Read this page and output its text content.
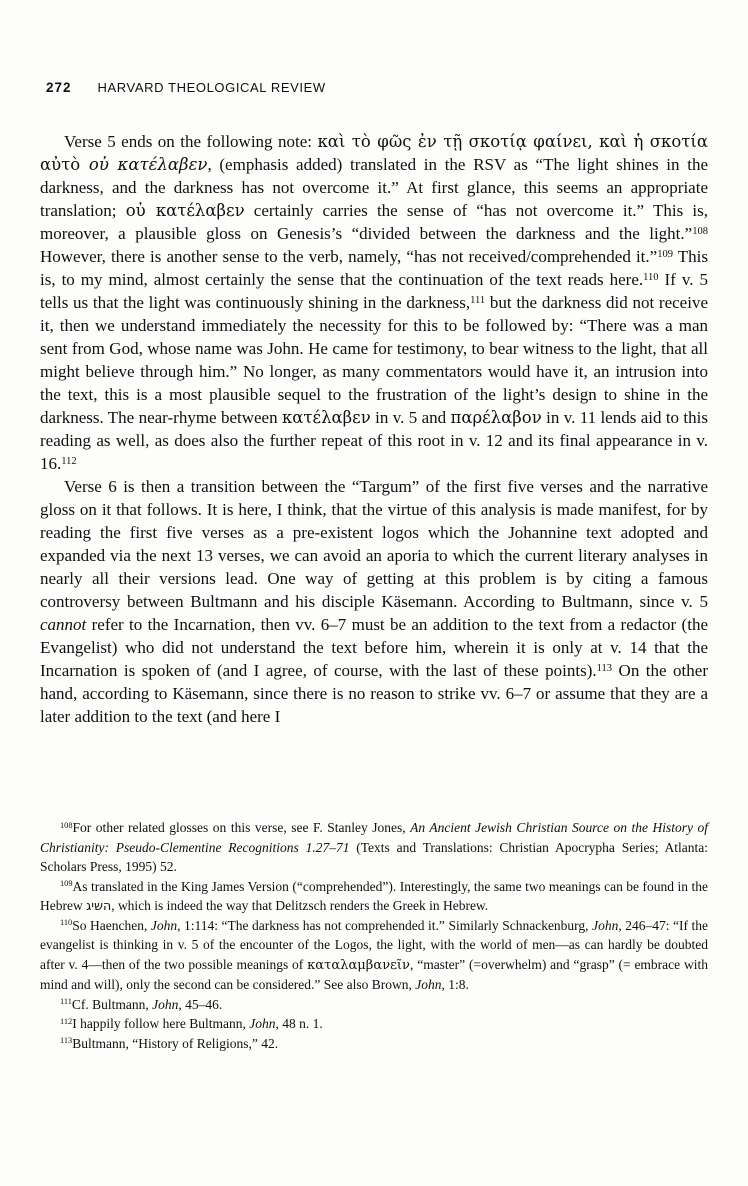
272 HARVARD THEOLOGICAL REVIEW

Verse 5 ends on the following note: καὶ τὸ φῶς ἐν τῇ σκοτίᾳ φαίνει, καὶ ἡ σκοτία αὐτὸ οὐ κατέλαβεν, (emphasis added) translated in the RSV as “The light shines in the darkness, and the darkness has not overcome it.” At first glance, this seems an appropriate translation; οὐ κατέλαβεν certainly carries the sense of “has not overcome it.” This is, moreover, a plausible gloss on Genesis’s “divided between the darkness and the light.”$^{108}$ However, there is another sense to the verb, namely, “has not received/comprehended it.”$^{109}$ This is, to my mind, almost certainly the sense that the continuation of the text reads here.$^{110}$ If v. 5 tells us that the light was continuously shining in the darkness,$^{111}$ but the darkness did not receive it, then we understand immediately the necessity for this to be followed by: “There was a man sent from God, whose name was John. He came for testimony, to bear witness to the light, that all might believe through him.” No longer, as many commentators would have it, an intrusion into the text, this is a most plausible sequel to the frustration of the light’s design to shine in the darkness. The near-rhyme between κατέλαβεν in v. 5 and παρέλαβον in v. 11 lends aid to this reading as well, as does also the further repeat of this root in v. 12 and its final appearance in v. 16.$^{112}$

Verse 6 is then a transition between the “Targum” of the first five verses and the narrative gloss on it that follows. It is here, I think, that the virtue of this analysis is made manifest, for by reading the first five verses as a pre-existent logos which the Johannine text adopted and expanded via the next 13 verses, we can avoid an aporia to which the current literary analyses in nearly all their versions lead. One way of getting at this problem is by citing a famous controversy between Bultmann and his disciple Käsemann. According to Bultmann, since v. 5 cannot refer to the Incarnation, then vv. 6–7 must be an addition to the text from a redactor (the Evangelist) who did not understand the text before him, wherein it is only at v. 14 that the Incarnation is spoken of (and I agree, of course, with the last of these points).$^{113}$ On the other hand, according to Käsemann, since there is no reason to strike vv. 6–7 or assume that they are a later addition to the text (and here I

$^{108}$For other related glosses on this verse, see F. Stanley Jones, An Ancient Jewish Christian Source on the History of Christianity: Pseudo-Clementine Recognitions 1.27–71 (Texts and Translations: Christian Apocrypha Series; Atlanta: Scholars Press, 1995) 52.

$^{109}$As translated in the King James Version (“comprehended”). Interestingly, the same two meanings can be found in the Hebrew השיג, which is indeed the way that Delitzsch renders the Greek in Hebrew.

$^{110}$So Haenchen, John, 1:114: “The darkness has not comprehended it.” Similarly Schnackenburg, John, 246–47: “If the evangelist is thinking in v. 5 of the encounter of the Logos, the light, with the world of men—as can hardly be doubted after v. 4—then of the two possible meanings of καταλαμβανεῖν, “master” (=overwhelm) and “grasp” (= embrace with mind and will), only the second can be considered.” See also Brown, John, 1:8.

$^{111}$Cf. Bultmann, John, 45–46.

$^{112}$I happily follow here Bultmann, John, 48 n. 1.

$^{113}$Bultmann, “History of Religions,” 42.
